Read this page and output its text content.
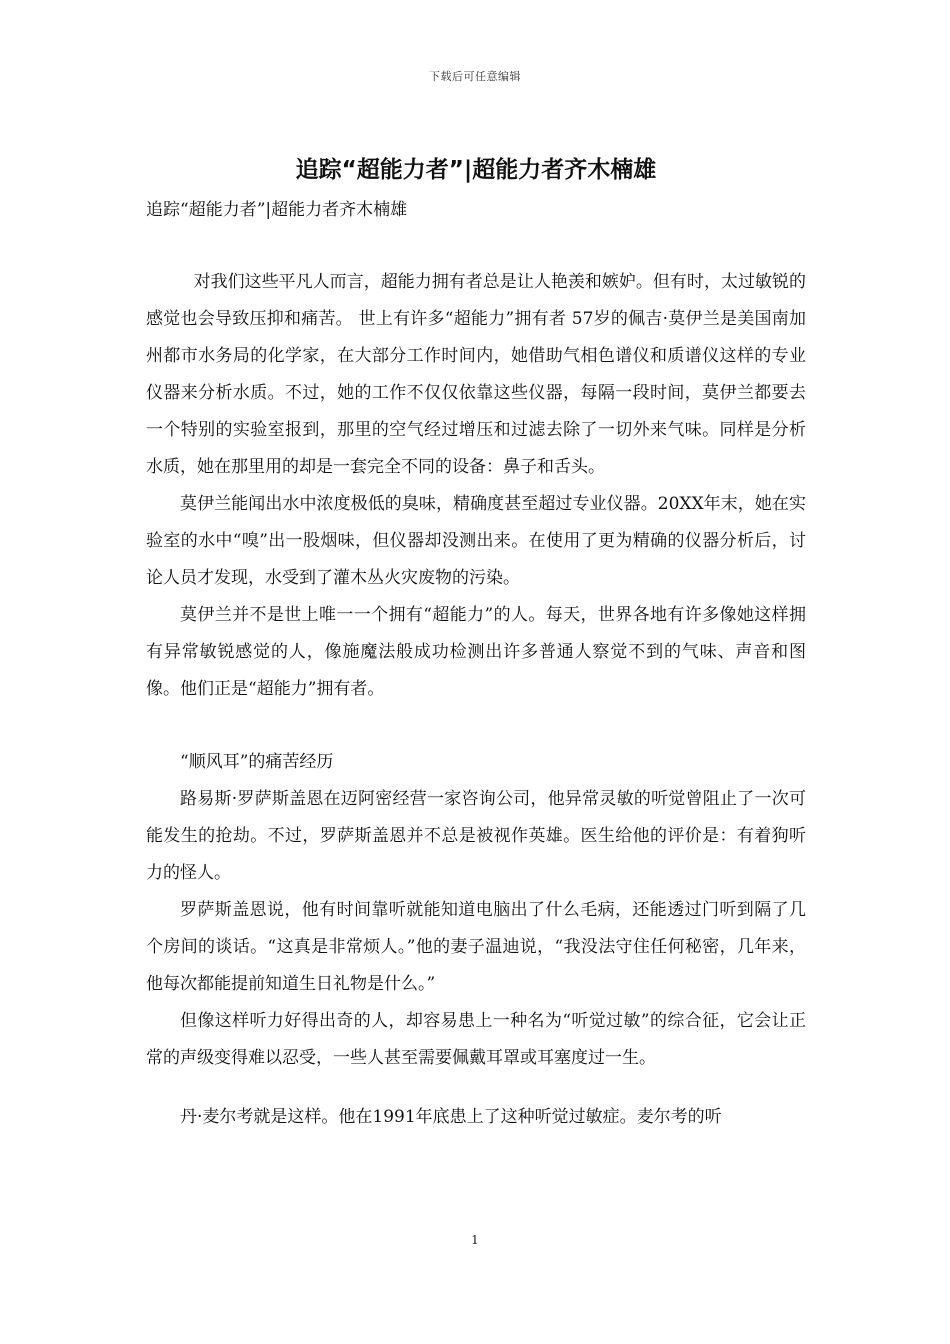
下载后可任意编辑
追踪“超能力者”|超能力者齐木楠雄

追踪“超能力者”|超能力者齐木楠雄

对我们这些平凡人而言，超能力拥有者总是让人艳羡和嫉妒。但有时，太过敏锐的感觉也会导致压抑和痛苦。 世上有许多“超能力”拥有者 57岁的佩吉·莫伊兰是美国南加州都市水务局的化学家，在大部分工作时间内，她借助气相色谱仪和质谱仪这样的专业仪器来分析水质。不过，她的工作不仅仅依靠这些仪器，每隔一段时间，莫伊兰都要去一个特别的实验室报到，那里的空气经过增压和过滤去除了一切外来气味。同样是分析水质，她在那里用的却是一套完全不同的设备：鼻子和舌头。

莫伊兰能闻出水中浓度极低的臭味，精确度甚至超过专业仪器。20XX年末，她在实验室的水中“嗅”出一股烟味，但仪器却没测出来。在使用了更为精确的仪器分析后，讨论人员才发现，水受到了灌木丛火灾废物的污染。

莫伊兰并不是世上唯一一个拥有“超能力”的人。每天，世界各地有许多像她这样拥有异常敏锐感觉的人，像施魔法般成功检测出许多普通人察觉不到的气味、声音和图像。他们正是“超能力”拥有者。

“顺风耳”的痛苦经历

路易斯·罗萨斯盖恩在迈阿密经营一家咨询公司，他异常灵敏的听觉曾阻止了一次可能发生的抢劫。不过，罗萨斯盖恩并不总是被视作英雄。医生给他的评价是：有着狗听力的怪人。

罗萨斯盖恩说，他有时间靠听就能知道电脑出了什么毛病，还能透过门听到隔了几个房间的谈话。“这真是非常烦人。”他的妻子温迪说，“我没法守住任何秘密，几年来，他每次都能提前知道生日礼物是什么。”

但像这样听力好得出奇的人，却容易患上一种名为“听觉过敏”的综合征，它会让正常的声级变得难以忍受，一些人甚至需要佩戴耳罩或耳塞度过一生。

丹·麦尔考就是这样。他在1991年底患上了这种听觉过敏症。麦尔考的听

1
